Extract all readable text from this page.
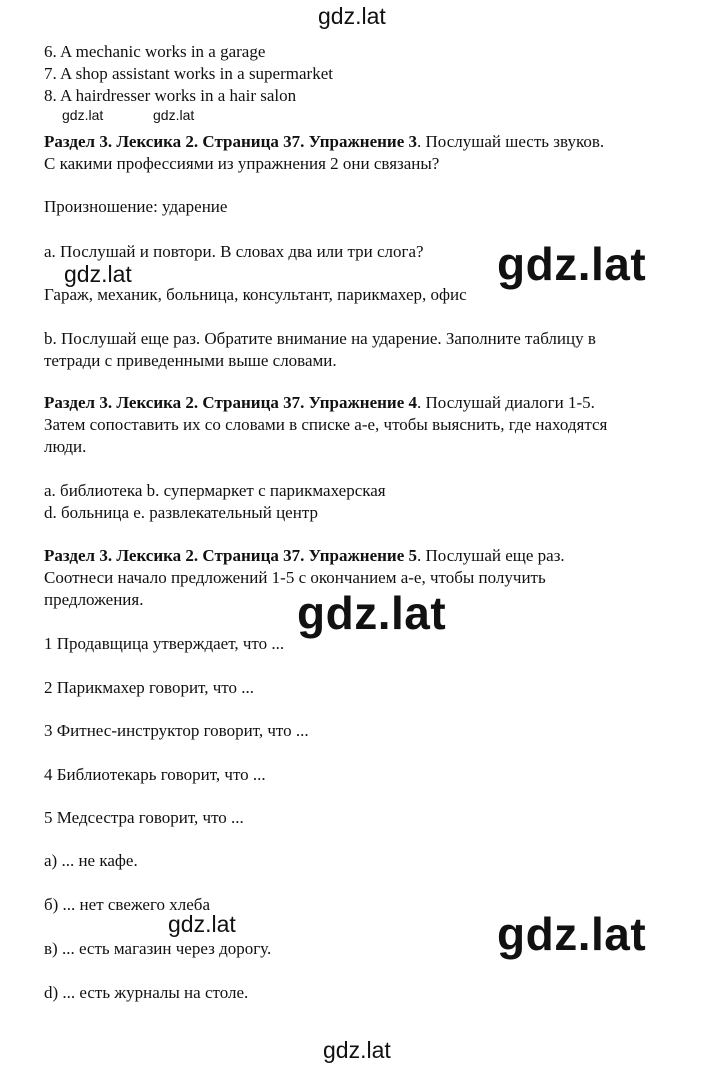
6. A mechanic works in a garage
7. A shop assistant works in a supermarket
8. A hairdresser works in a hair salon
Раздел 3. Лексика 2. Страница 37. Упражнение 3. Послушай шесть звуков.
С какими профессиями из упражнения 2 они связаны?
Произношение: ударение
a. Послушай и повтори. В словах два или три слога?
Гараж, механик, больница, консультант, парикмахер, офис
b. Послушай еще раз. Обратите внимание на ударение. Заполните таблицу в
тетради с приведенными выше словами.
Раздел 3. Лексика 2. Страница 37. Упражнение 4. Послушай диалоги 1-5.
Затем сопоставить их со словами в списке a-e, чтобы выяснить, где находятся
люди.
a. библиотека b. супермаркет с парикмахерская
d. больница e. развлекательный центр
Раздел 3. Лексика 2. Страница 37. Упражнение 5. Послушай еще раз.
Соотнеси начало предложений 1-5 с окончанием a-e, чтобы получить
предложения.
1 Продавщица утверждает, что ...
2 Парикмахер говорит, что ...
3 Фитнес-инструктор говорит, что ...
4 Библиотекарь говорит, что ...
5 Медсестра говорит, что ...
а) ... не кафе.
б) ... нет свежего хлеба
в) ... есть магазин через дорогу.
d) ... есть журналы на столе.
gdz.lat
gdz.lat	gdz.lat
gdz.lat	gdz.lat
gdz.lat
gdz.lat	gdz.lat
gdz.lat
